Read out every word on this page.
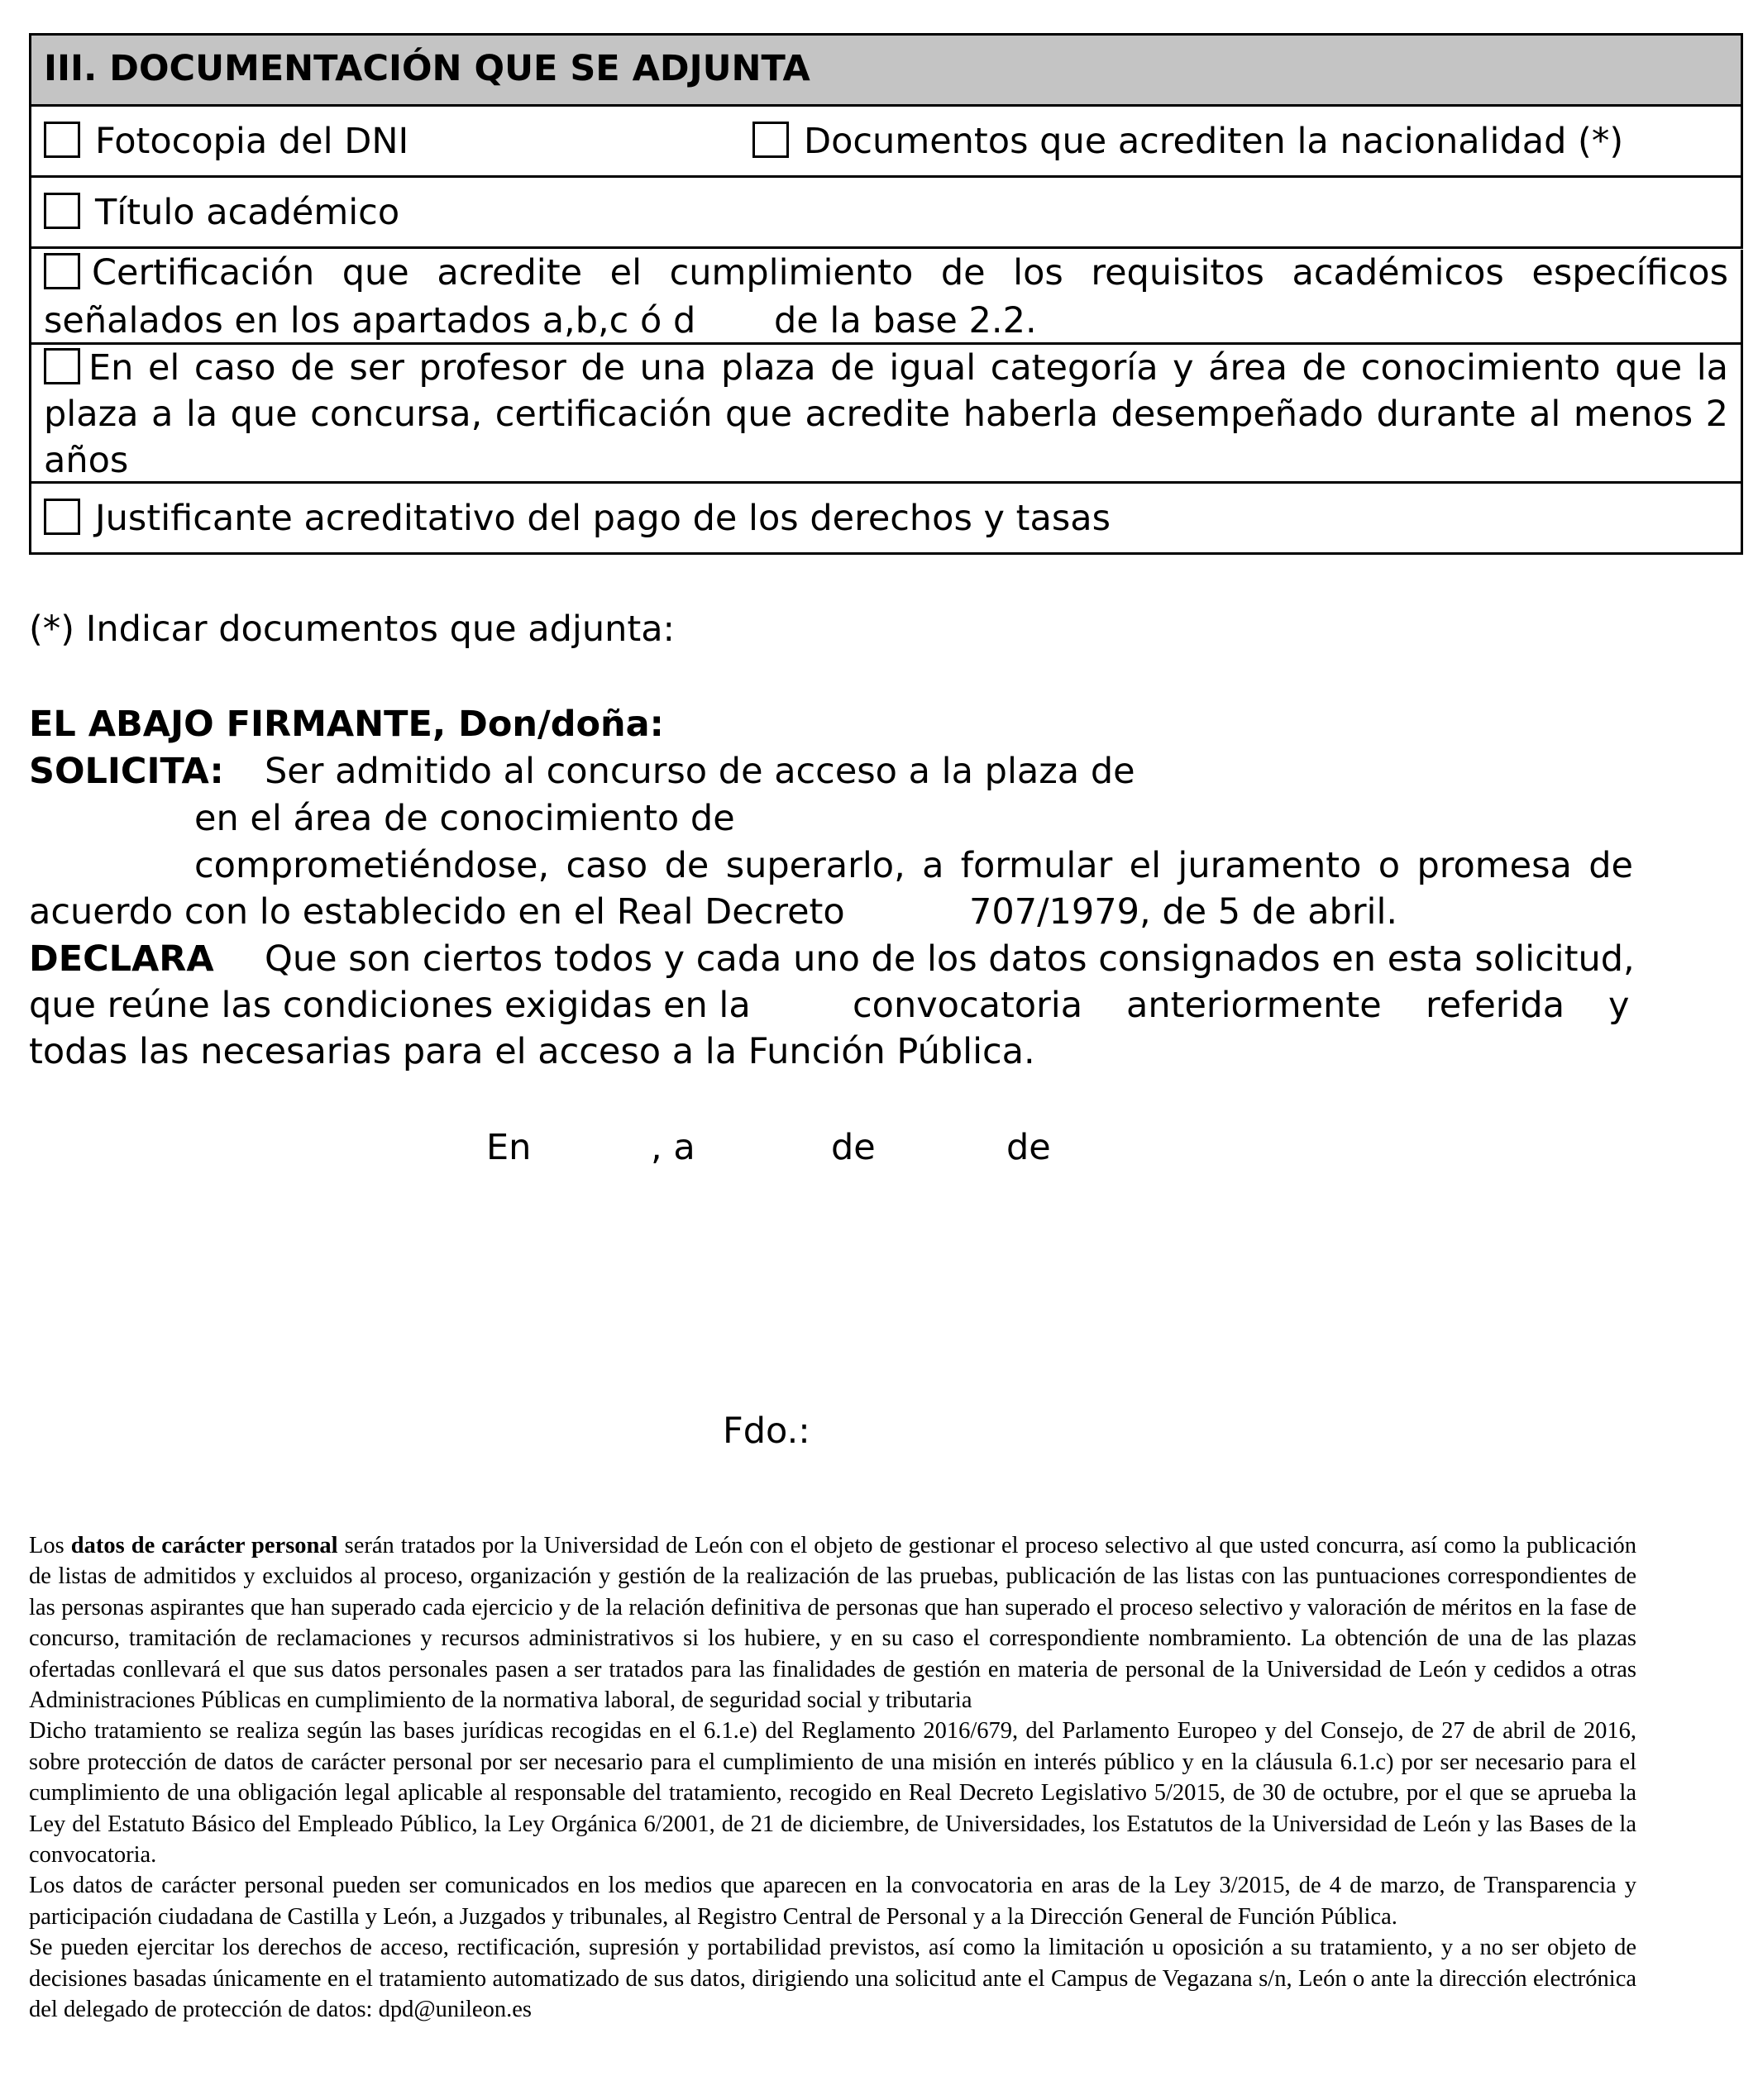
III. DOCUMENTACIÓN QUE SE ADJUNTA
Fotocopia del DNI	Documentos que acrediten la nacionalidad (*)
Título académico
Certificación que acredite el cumplimiento de los requisitos académicos específicos
señalados en los apartados a,b,c ó d de la base 2.2.
En el caso de ser profesor de una plaza de igual categoría y área de conocimiento que la
plaza a la que concursa, certificación que acredite haberla desempeñado durante al menos 2
años
Justificante acreditativo del pago de los derechos y tasas
(*) Indicar documentos que adjunta:
EL ABAJO FIRMANTE, Don/doña:
SOLICITA: Ser admitido al concurso de acceso a la plaza de
en el área de conocimiento de
comprometiéndose, caso de superarlo, a formular el juramento o promesa de
acuerdo con lo establecido en el Real Decreto	707/1979, de 5 de abril.
DECLARA Que son ciertos todos y cada uno de los datos consignados en esta solicitud,
que reúne las condiciones exigidas en la	convocatoria anteriormente referida y
todas las necesarias para el acceso a la Función Pública.
En	, a	de	de
Fdo.:

Los datos de carácter personal serán tratados por la Universidad de León con el objeto de gestionar el proceso selectivo al que usted concurra, así como la publicación de listas de admitidos y excluidos al proceso, organización y gestión de la realización de las pruebas, publicación de las listas con las puntuaciones correspondientes de las personas aspirantes que han superado cada ejercicio y de la relación definitiva de personas que han superado el proceso selectivo y valoración de méritos en la fase de concurso, tramitación de reclamaciones y recursos administrativos si los hubiere, y en su caso el correspondiente nombramiento. La obtención de una de las plazas ofertadas conllevará el que sus datos personales pasen a ser tratados para las finalidades de gestión en materia de personal de la Universidad de León y cedidos a otras Administraciones Públicas en cumplimiento de la normativa laboral, de seguridad social y tributaria

Dicho tratamiento se realiza según las bases jurídicas recogidas en el 6.1.e) del Reglamento 2016/679, del Parlamento Europeo y del Consejo, de 27 de abril de 2016, sobre protección de datos de carácter personal por ser necesario para el cumplimiento de una misión en interés público y en la cláusula 6.1.c) por ser necesario para el cumplimiento de una obligación legal aplicable al responsable del tratamiento, recogido en Real Decreto Legislativo 5/2015, de 30 de octubre, por el que se aprueba la Ley del Estatuto Básico del Empleado Público, la Ley Orgánica 6/2001, de 21 de diciembre, de Universidades, los Estatutos de la Universidad de León y las Bases de la convocatoria.

Los datos de carácter personal pueden ser comunicados en los medios que aparecen en la convocatoria en aras de la Ley 3/2015, de 4 de marzo, de Transparencia y participación ciudadana de Castilla y León, a Juzgados y tribunales, al Registro Central de Personal y a la Dirección General de Función Pública.

Se pueden ejercitar los derechos de acceso, rectificación, supresión y portabilidad previstos, así como la limitación u oposición a su tratamiento, y a no ser objeto de decisiones basadas únicamente en el tratamiento automatizado de sus datos, dirigiendo una solicitud ante el Campus de Vegazana s/n, León o ante la dirección electrónica del delegado de protección de datos: dpd@unileon.es
